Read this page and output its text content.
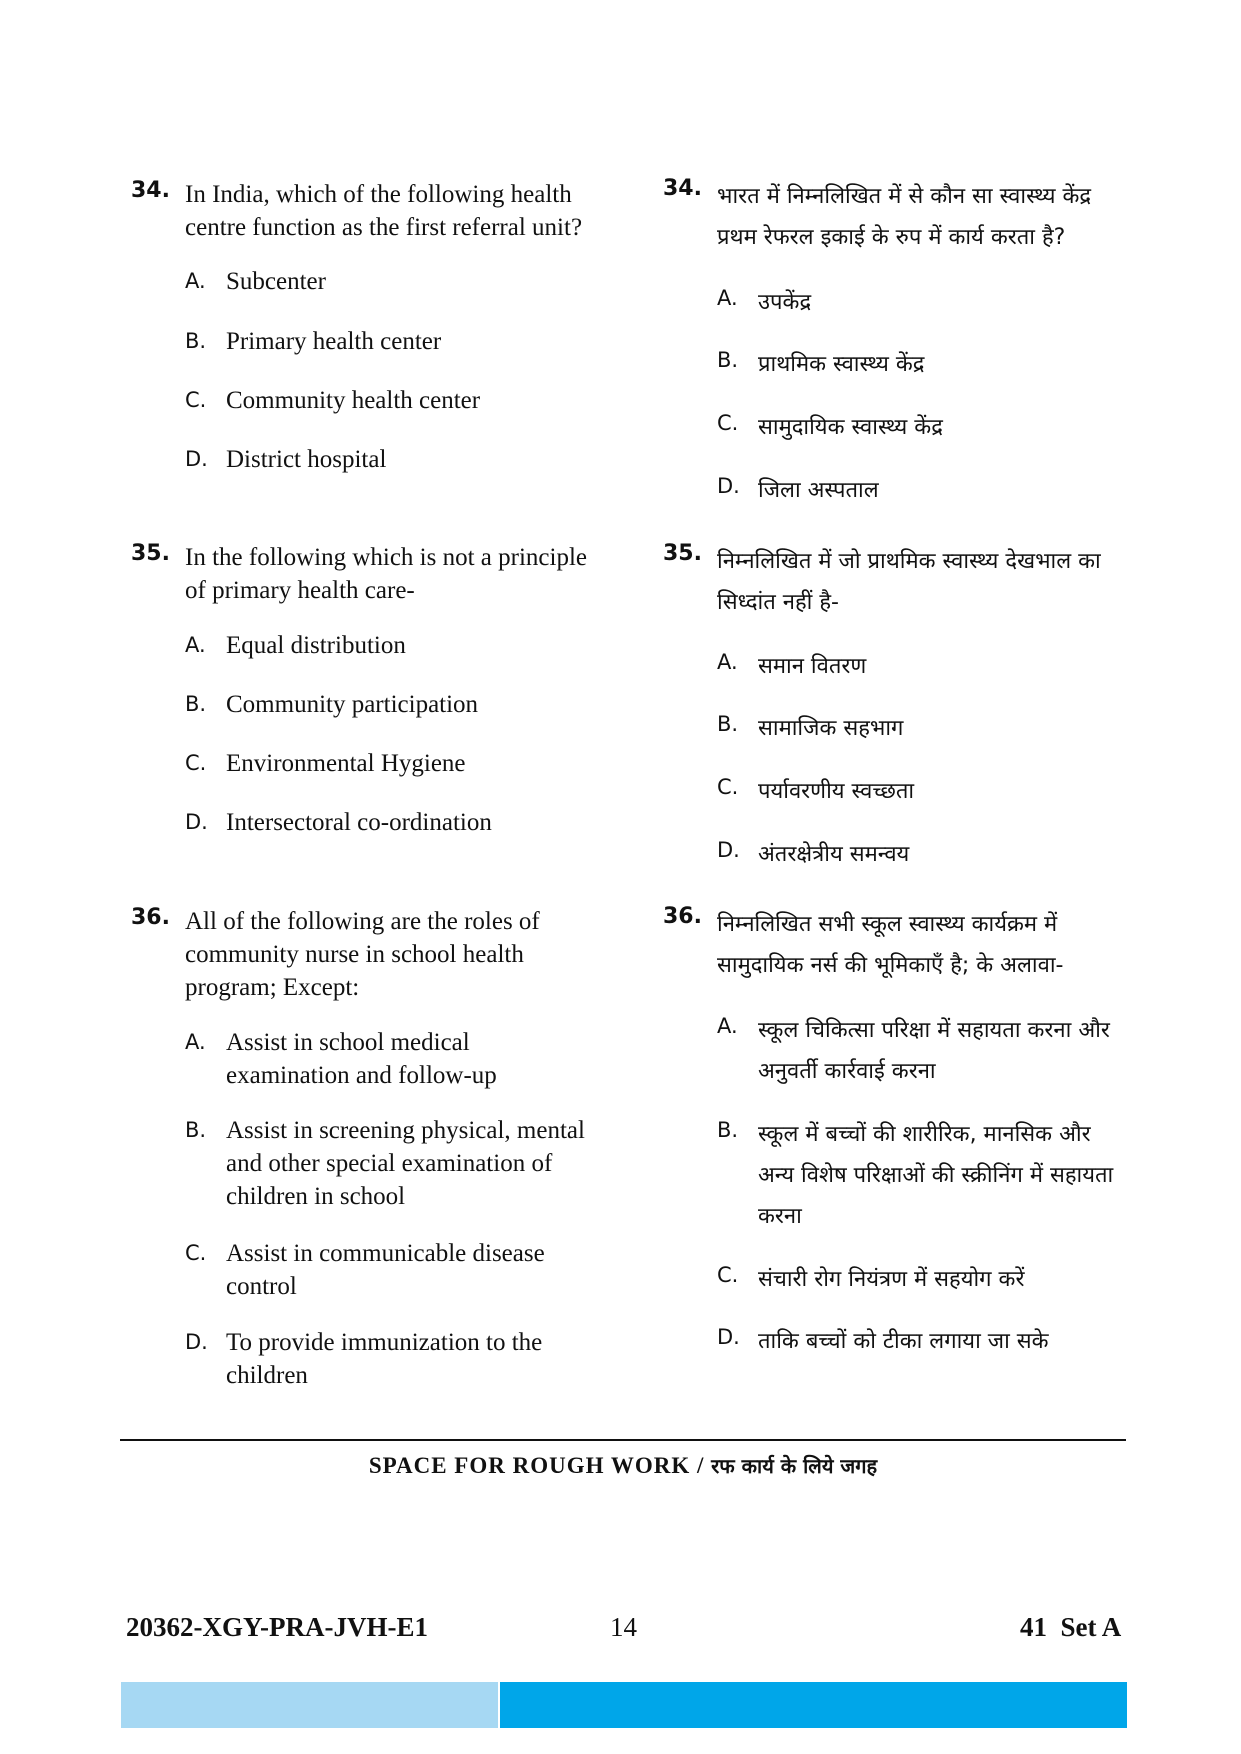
34. In India, which of the following health centre function as the first referral unit?
A. Subcenter
B. Primary health center
C. Community health center
D. District hospital
35. In the following which is not a principle of primary health care-
A. Equal distribution
B. Community participation
C. Environmental Hygiene
D. Intersectoral co-ordination
36. All of the following are the roles of community nurse in school health program; Except:
A. Assist in school medical examination and follow-up
B. Assist in screening physical, mental and other special examination of children in school
C. Assist in communicable disease control
D. To provide immunization to the children
34. भारत में निम्नलिखित में से कौन सा स्वास्थ्य केंद्र प्रथम रेफरल इकाई के रुप में कार्य करता है?
A. उपकेंद्र
B. प्राथमिक स्वास्थ्य केंद्र
C. सामुदायिक स्वास्थ्य केंद्र
D. जिला अस्पताल
35. निम्नलिखित में जो प्राथमिक स्वास्थ्य देखभाल का सिध्दांत नहीं है-
A. समान वितरण
B. सामाजिक सहभाग
C. पर्यावरणीय स्वच्छता
D. अंतरक्षेत्रीय समन्वय
36. निम्नलिखित सभी स्कूल स्वास्थ्य कार्यक्रम में सामुदायिक नर्स की भूमिकाएँ है; के अलावा-
A. स्कूल चिकित्सा परिक्षा में सहायता करना और अनुवर्ती कार्रवाई करना
B. स्कूल में बच्चों की शारीरिक, मानसिक और अन्य विशेष परिक्षाओं की स्क्रीनिंग में सहायता करना
C. संचारी रोग नियंत्रण में सहयोग करें
D. ताकि बच्चों को टीका लगाया जा सके
SPACE FOR ROUGH WORK / रफ कार्य के लिये जगह
20362-XGY-PRA-JVH-E1	14	41  Set A
